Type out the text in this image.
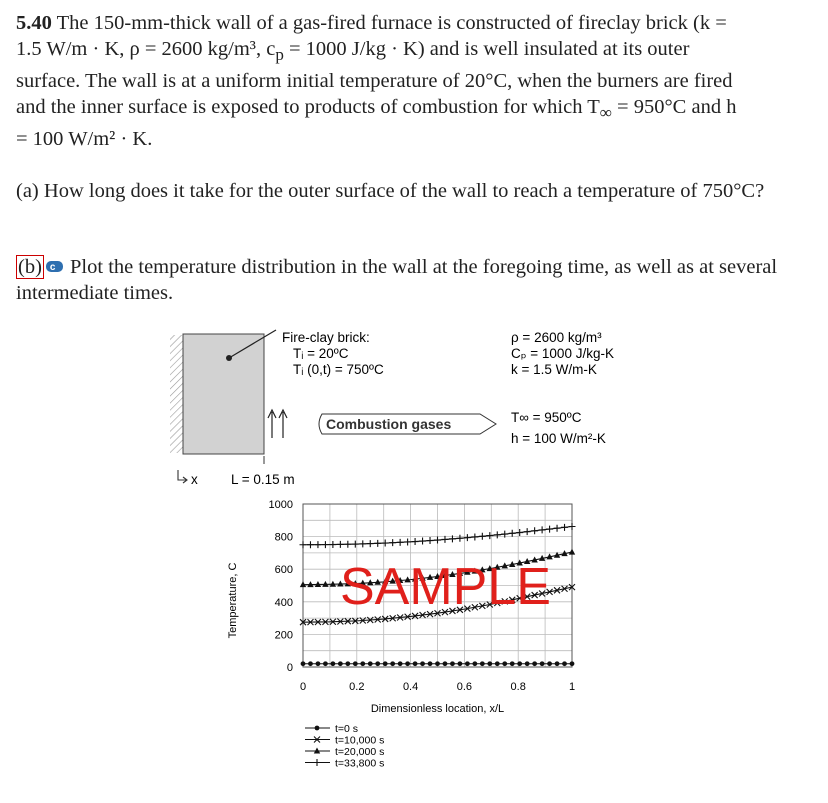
5.40 The 150-mm-thick wall of a gas-fired furnace is constructed of fireclay brick (k =

1.5 W/m · K, ρ = 2600 kg/m³, $c_p = 1000$ J/kg · K) and is well insulated at its outer

surface. The wall is at a uniform initial temperature of 20°C, when the burners are fired

and the inner surface is exposed to products of combustion for which $T_\infty = 950^\circ C$ and h

= 100 W/m² · K.

(a) How long does it take for the outer surface of the wall to reach a temperature of 750°C?

(b)c Plot the temperature distribution in the wall at the foregoing time, as well as at several intermediate times.

Fire-clay brick:
Tᵢ = 20ºC
Tᵢ (0,t) = 750ºC
ρ = 2600 kg/m³
Cₚ = 1000 J/kg-K
k = 1.5 W/m-K
Combustion gases	T∞ = 950ºC
h = 100 W/m²-K
x L = 0.15 m
0
200
400
600
800
1000
0	0.2	0.4	0.6	0.8	1
Dimensionless location, x/L
Temperature, C SAMPLE
t=0 s
t=10,000 s
t=20,000 s
t=33,800 s
